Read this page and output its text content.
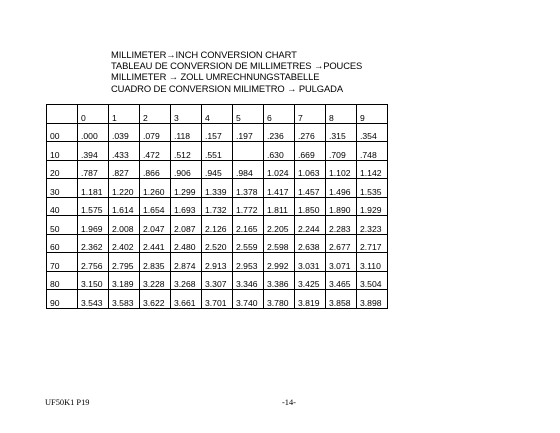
MILLIMETER→INCH CONVERSION CHART
TABLEAU DE CONVERSION DE MILLIMETRES →POUCES
MILLIMETER → ZOLL UMRECHNUNGSTABELLE
CUADRO DE CONVERSION MILIMETRO → PULGADA
	0	1	2	3	4	5	6	7	8	9
00	.000	.039	.079	.118	.157	.197	.236	.276	.315	.354
10	.394	.433	.472	.512	.551		.630	.669	.709	.748
20	.787	.827	.866	.906	.945	.984	1.024	1.063	1.102	1.142
30	1.181	1.220	1.260	1.299	1.339	1.378	1.417	1.457	1.496	1.535
40	1.575	1.614	1.654	1.693	1.732	1.772	1.811	1.850	1.890	1.929
50	1.969	2.008	2.047	2.087	2.126	2.165	2.205	2.244	2.283	2.323
60	2.362	2.402	2.441	2.480	2.520	2.559	2.598	2.638	2.677	2.717
70	2.756	2.795	2.835	2.874	2.913	2.953	2.992	3.031	3.071	3.110
80	3.150	3.189	3.228	3.268	3.307	3.346	3.386	3.425	3.465	3.504
90	3.543	3.583	3.622	3.661	3.701	3.740	3.780	3.819	3.858	3.898
UF50K1 P19	-14-
